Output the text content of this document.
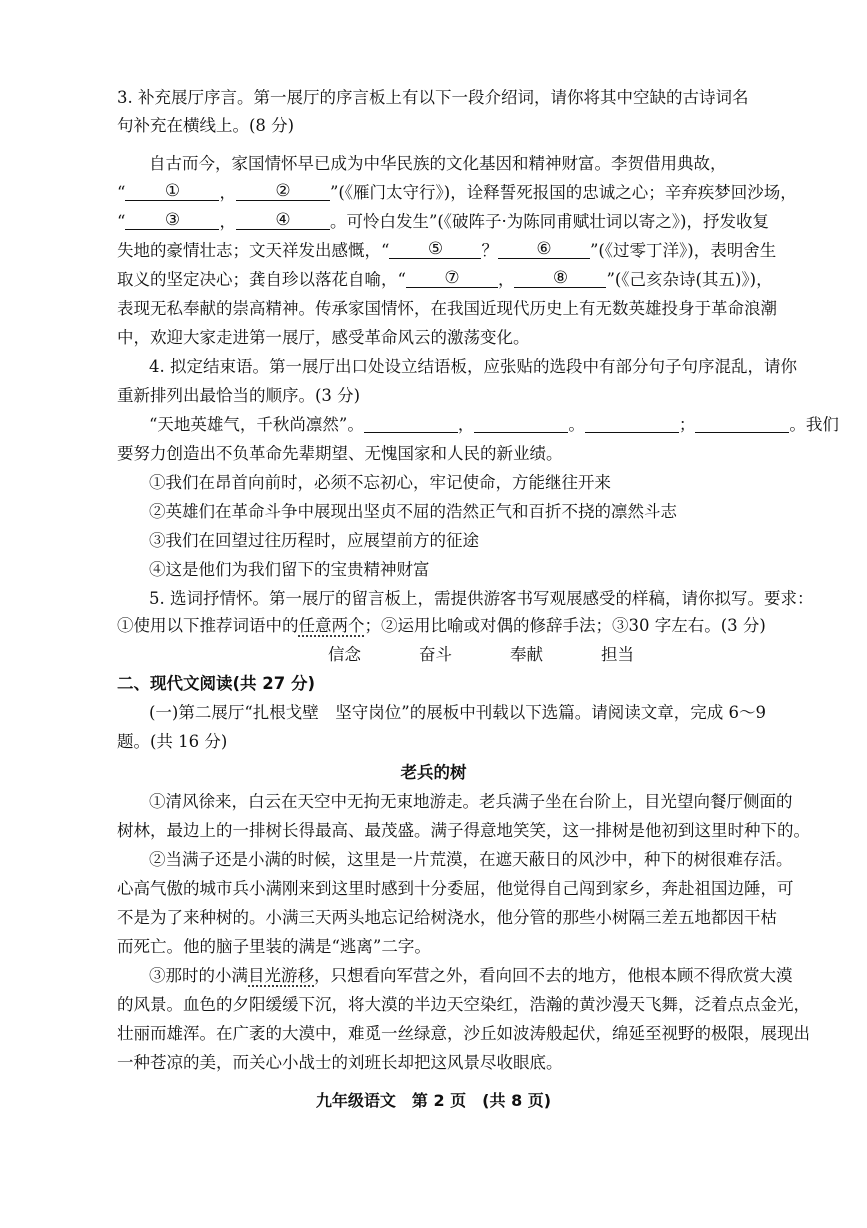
3. 补充展厅序言。第一展厅的序言板上有以下一段介绍词，请你将其中空缺的古诗词名
句补充在横线上。(8 分)
自古而今，家国情怀早已成为中华民族的文化基因和精神财富。李贺借用典故，
“	①	，	②	”(《雁门太守行》)，诠释誓死报国的忠诚之心；辛弃疾梦回沙场，
“	③	，	④	。可怜白发生”(《破阵子·为陈同甫赋壮词以寄之》)，抒发收复
失地的豪情壮志；文天祥发出感慨，“	⑤	？	⑥	”(《过零丁洋》)，表明舍生
取义的坚定决心；龚自珍以落花自喻，“	⑦	，	⑧	”(《己亥杂诗(其五)》)，
表现无私奉献的崇高精神。传承家国情怀，在我国近现代历史上有无数英雄投身于革命浪潮
中，欢迎大家走进第一展厅，感受革命风云的激荡变化。
4. 拟定结束语。第一展厅出口处设立结语板，应张贴的选段中有部分句子句序混乱，请你
重新排列出最恰当的顺序。(3 分)
“天地英雄气，千秋尚凛然”。	，	。	；	。我们
要努力创造出不负革命先辈期望、无愧国家和人民的新业绩。
①我们在昂首向前时，必须不忘初心，牢记使命，方能继往开来
②英雄们在革命斗争中展现出坚贞不屈的浩然正气和百折不挠的凛然斗志
③我们在回望过往历程时，应展望前方的征途
④这是他们为我们留下的宝贵精神财富
5. 选词抒情怀。第一展厅的留言板上，需提供游客书写观展感受的样稿，请你拟写。要求：
①使用以下推荐词语中的任意两个；②运用比喻或对偶的修辞手法；③30 字左右。(3 分)
信念	奋斗	奉献	担当
二、现代文阅读(共 27 分)
(一)第二展厅“扎根戈壁　坚守岗位”的展板中刊载以下选篇。请阅读文章，完成 6～9
题。(共 16 分)
老兵的树
①清风徐来，白云在天空中无拘无束地游走。老兵满子坐在台阶上，目光望向餐厅侧面的
树林，最边上的一排树长得最高、最茂盛。满子得意地笑笑，这一排树是他初到这里时种下的。
②当满子还是小满的时候，这里是一片荒漠，在遮天蔽日的风沙中，种下的树很难存活。
心高气傲的城市兵小满刚来到这里时感到十分委屈，他觉得自己闯到家乡，奔赴祖国边陲，可
不是为了来种树的。小满三天两头地忘记给树浇水，他分管的那些小树隔三差五地都因干枯
而死亡。他的脑子里装的满是“逃离”二字。
③那时的小满目光游移，只想看向军营之外，看向回不去的地方，他根本顾不得欣赏大漠
的风景。血色的夕阳缓缓下沉，将大漠的半边天空染红，浩瀚的黄沙漫天飞舞，泛着点点金光，
壮丽而雄浑。在广袤的大漠中，难觅一丝绿意，沙丘如波涛般起伏，绵延至视野的极限，展现出
一种苍凉的美，而关心小战士的刘班长却把这风景尽收眼底。
九年级语文　第 2 页　(共 8 页)
